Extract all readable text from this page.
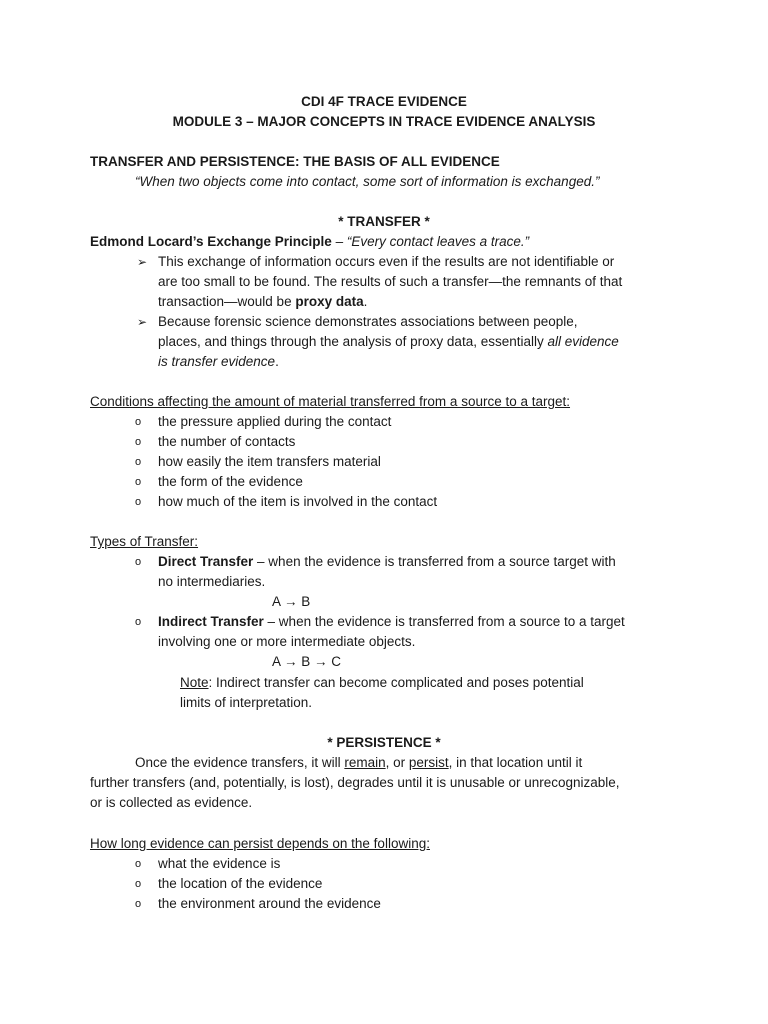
CDI 4F TRACE EVIDENCE
MODULE 3 – MAJOR CONCEPTS IN TRACE EVIDENCE ANALYSIS
TRANSFER AND PERSISTENCE: THE BASIS OF ALL EVIDENCE
“When two objects come into contact, some sort of information is exchanged.”
* TRANSFER *
Edmond Locard’s Exchange Principle – “Every contact leaves a trace.”
➢ This exchange of information occurs even if the results are not identifiable or
are too small to be found. The results of such a transfer—the remnants of that
transaction—would be proxy data.
➢ Because forensic science demonstrates associations between people,
places, and things through the analysis of proxy data, essentially all evidence
is transfer evidence.
Conditions affecting the amount of material transferred from a source to a target:
o the pressure applied during the contact
o the number of contacts
o how easily the item transfers material
o the form of the evidence
o how much of the item is involved in the contact
Types of Transfer:
o Direct Transfer – when the evidence is transferred from a source target with
no intermediaries.
A → B
o Indirect Transfer – when the evidence is transferred from a source to a target
involving one or more intermediate objects.
A → B → C
Note: Indirect transfer can become complicated and poses potential
limits of interpretation.
* PERSISTENCE *
Once the evidence transfers, it will remain, or persist, in that location until it
further transfers (and, potentially, is lost), degrades until it is unusable or unrecognizable,
or is collected as evidence.
How long evidence can persist depends on the following:
o what the evidence is
o the location of the evidence
o the environment around the evidence
